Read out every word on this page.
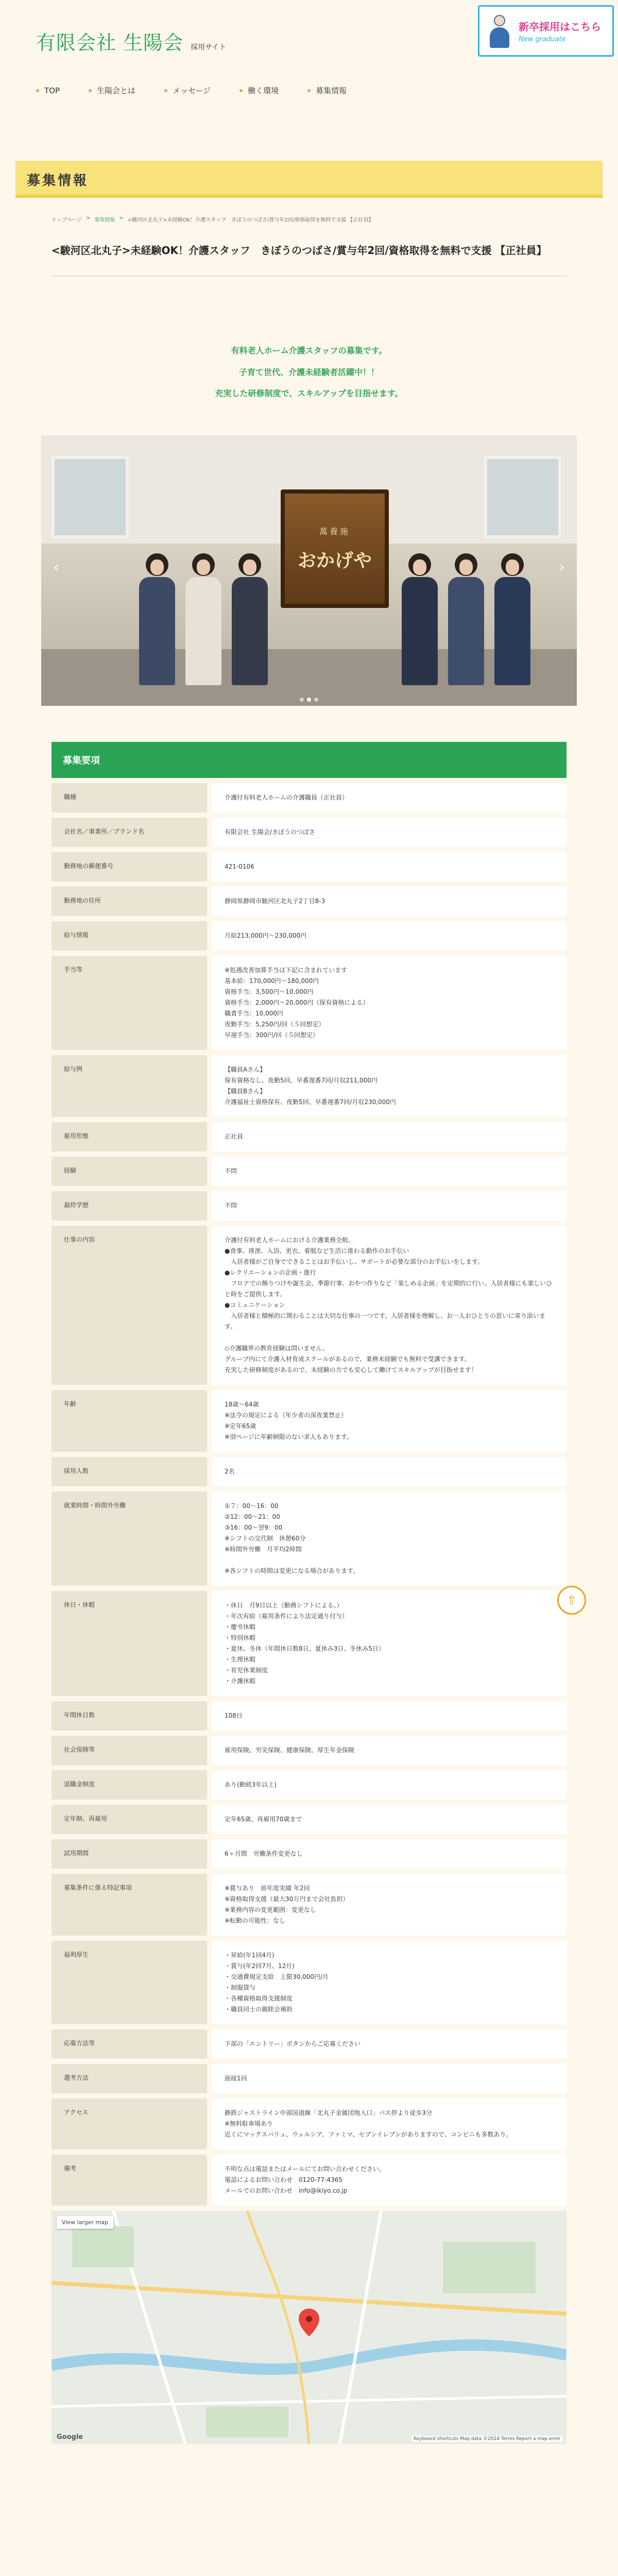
有限会社 生陽会 採用サイト
新卒採用はこちら
New graduate
TOP	生陽会とは	メッセージ	働く環境	募集情報
募集情報
トップページ > 募集情報 > <駿河区北丸子>未経験OK！介護スタッフ　きぼうのつばさ/賞与年2回/資格取得を無料で支援 【正社員】
<駿河区北丸子>未経験OK！介護スタッフ　きぼうのつばさ/賞与年2回/資格取得を無料で支援 【正社員】
有料老人ホーム介護スタッフの募集です。
子育て世代、介護未経験者活躍中！！
充実した研修制度で、スキルアップを目指せます。
萬養施
おかげや
‹	›
募集要項
職種	介護付有料老人ホームの介護職員（正社員）
会社名／事業所／ブランド名	有限会社 生陽会/きぼうのつばさ
勤務地の郵便番号	421-0106
勤務地の住所	静岡県静岡市駿河区北丸子2丁目8-3
給与情報	月給213,000円〜230,000円
手当等	※処遇改善加算手当は下記に含まれています
基本給：170,000円〜180,000円
資格手当：3,500円〜10,000円
資格手当：2,000円〜20,000円（保有資格による）
職責手当：10,000円
夜勤手当：5,250円/回（５回想定）
早遅手当：300円/回（５回想定）
給与例	【職員Aさん】
保有資格なし、夜勤5回、早番遅番7回/月収211,000円
【職員Bさん】
介護福祉士資格保有、夜勤5回、早番遅番7回/月収230,000円
雇用形態	正社員
経験	不問
最終学歴	不問
仕事の内容	介護付有料老人ホームにおける介護業務全般。
●食事、排泄、入浴、更衣、着脱など生活に係わる動作のお手伝い
　入居者様がご自身でできることはお手伝いし、サポートが必要な部分のお手伝いをします。
●レクリエーションの企画・進行
　フロアでの飾りつけや誕生会、季節行事、おやつ作りなど「楽しめる企画」を定期的に行い、入居者様にも楽しいひと時をご提供します。
●コミュニケーション
　入居者様と積極的に関わることは大切な仕事の一つです。入居者様を理解し、お一人おひとりの思いに寄り添います。

◇介護職界の教育経験は問いません。
グループ内にて介護入材育成スクールがあるので、業務未経験でも無料で受講できます。
充実した研修制度があるので、未経験の方でも安心して働けてスキルアップが目指せます！
年齢	18歳〜64歳
※法令の規定による（年少者の深夜業禁止）
※定年65歳
※別ページに年齢制限のない求人もあります。
採用人数	2名
就業時間・時間外労働	①７：00〜16：00
②12：00〜21：00
③16：00〜翌9：00
※シフトの交代制　休憩60分
※時間外労働　月平均2時間

※各シフトの時間は変更になる場合があります。
休日・休暇	・休日　月9日以上（勤務シフトによる。）
・年次有給（雇用条件により法定通り付与）
・慶弔休暇
・特別休暇
・夏休、冬休（年間休日数8日、夏休み3日、冬休み5日）
・生理休暇
・育児休業制度
・介護休暇
年間休日数	108日
社会保険等	雇用保険、労災保険、健康保険、厚生年金保険
退職金制度	あり(勤続3年以上)
定年制、再雇用	定年65歳、再雇用70歳まで
試用期間	6ヶ月間　労働条件変更なし
募集条件に係る特記事項	※賞与あり　前年度実績 年2回
※資格取得支援（最大30万円まで会社負担）
※業務内容の変更範囲：変更なし
※転勤の可能性：なし
福利厚生	・昇給(年1回4月)
・賞与(年2回7月、12月)
・交通費規定支給　上限30,000円/月
・制服貸与
・各種資格取得支援制度
・職員同士の親睦会補助
応募方法等	下部の「エントリー」ボタンからご応募ください
選考方法	面接1回
アクセス	静鉄ジャストライン中部国道線「北丸子金属団地入口」バス停より徒歩3分
※無料駐車場あり
近くにマックスバリュ、ウェルシア、ファミマ、セブンイレブンがありますので、コンビニも多数あり。
備考	不明な点は電話またはメールにてお問い合わせください。
電話によるお問い合わせ　0120-77-4365
メールでのお問い合わせ　info@ikiyo.co.jp
View larger map
Google	Keyboard shortcuts Map data ©2024 Terms Report a map error
⇧
